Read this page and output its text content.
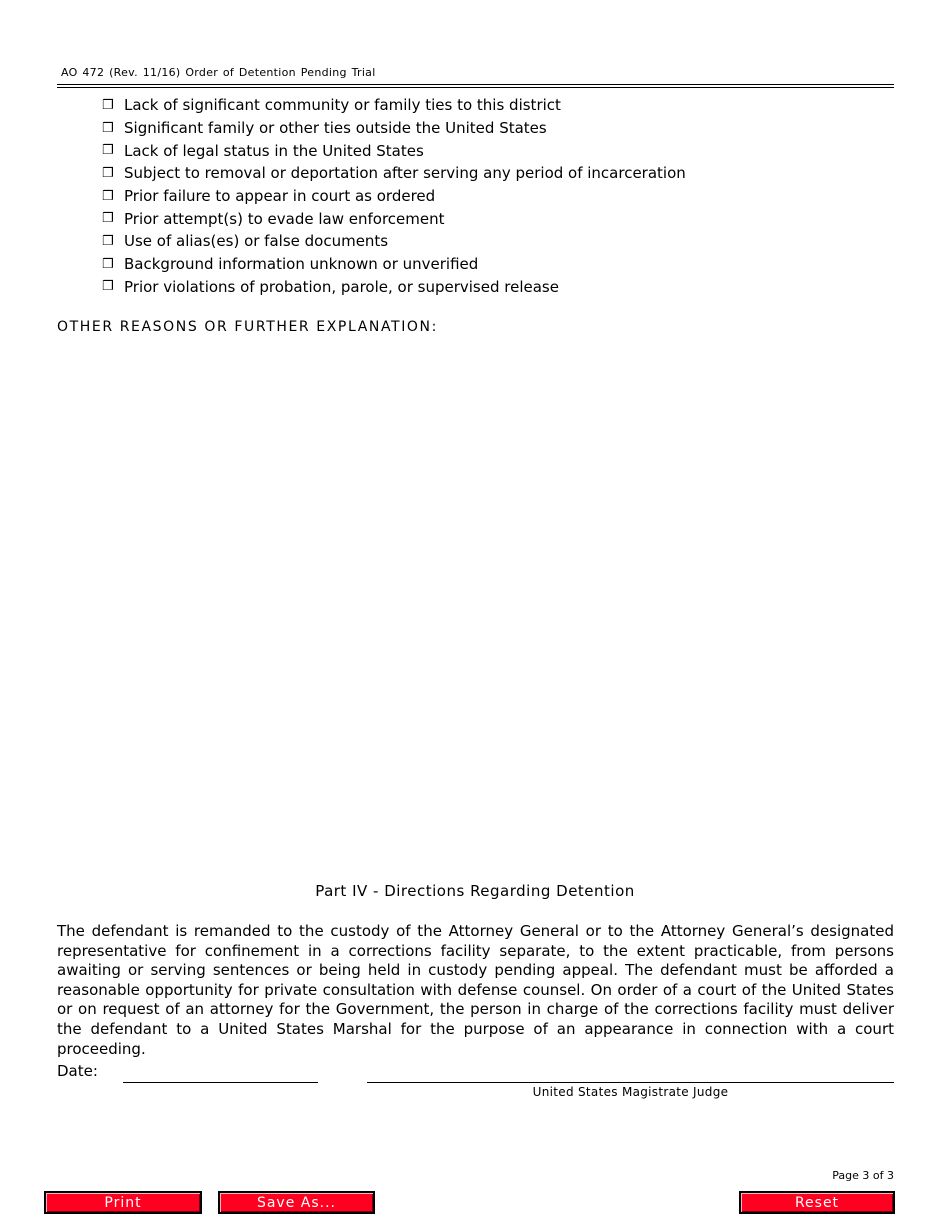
AO 472 (Rev. 11/16) Order of Detention Pending Trial
❒ Lack of significant community or family ties to this district
❒ Significant family or other ties outside the United States
❒ Lack of legal status in the United States
❒ Subject to removal or deportation after serving any period of incarceration
❒ Prior failure to appear in court as ordered
❒ Prior attempt(s) to evade law enforcement
❒ Use of alias(es) or false documents
❒ Background information unknown or unverified
❒ Prior violations of probation, parole, or supervised release
OTHER REASONS OR FURTHER EXPLANATION:
Part IV - Directions Regarding Detention

The defendant is remanded to the custody of the Attorney General or to the Attorney General’s designated representative for confinement in a corrections facility separate, to the extent practicable, from persons awaiting or serving sentences or being held in custody pending appeal. The defendant must be afforded a reasonable opportunity for private consultation with defense counsel. On order of a court of the United States or on request of an attorney for the Government, the person in charge of the corrections facility must deliver the defendant to a United States Marshal for the purpose of an appearance in connection with a court proceeding.

Date:
United States Magistrate Judge
Page 3 of 3
Print	Save As...	Reset
